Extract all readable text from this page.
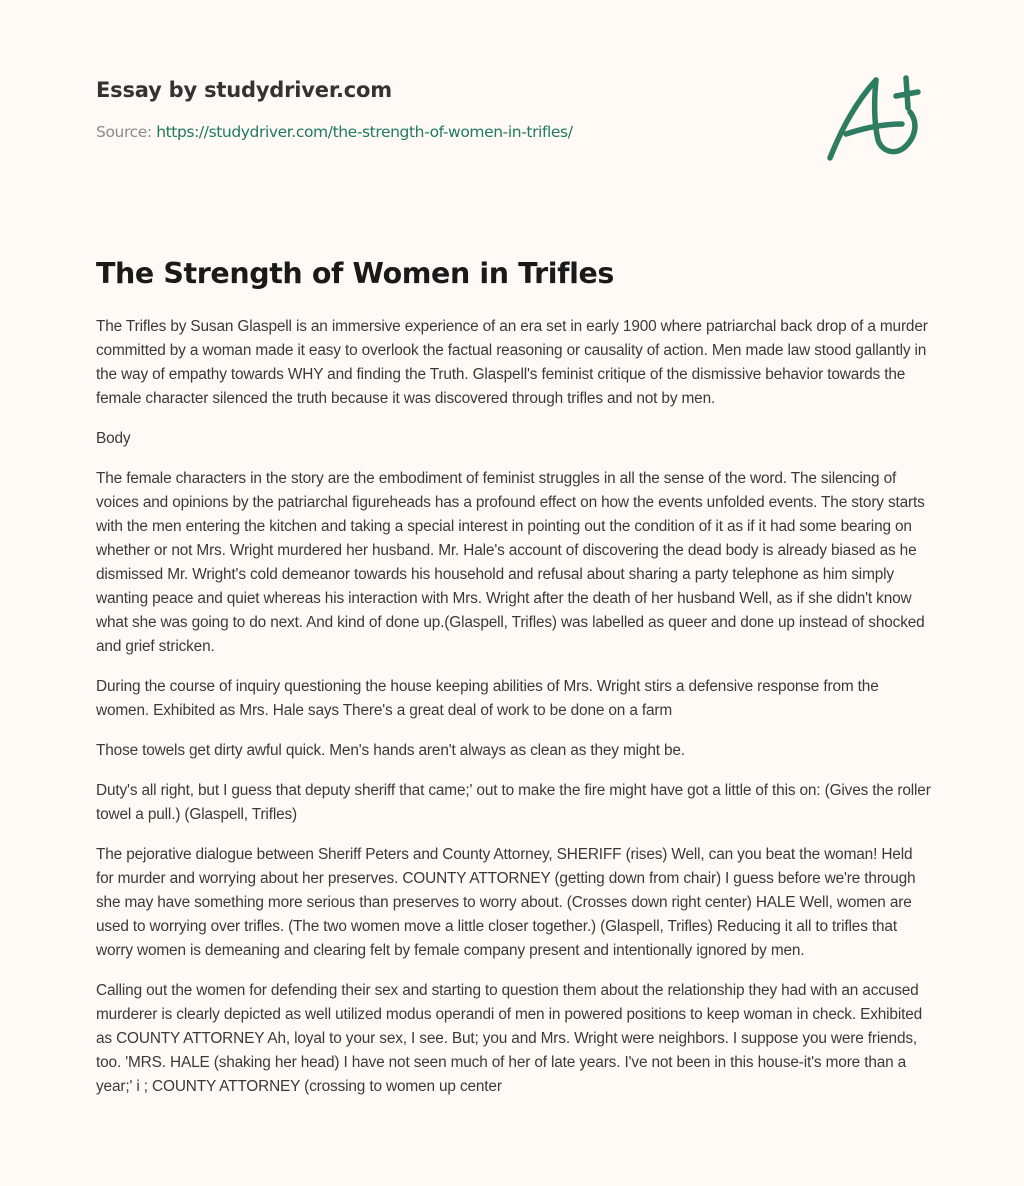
Essay by studydriver.com
Source: https://studydriver.com/the-strength-of-women-in-trifles/
The Strength of Women in Trifles

The Trifles by Susan Glaspell is an immersive experience of an era set in early 1900 where patriarchal back drop of a murder committed by a woman made it easy to overlook the factual reasoning or causality of action. Men made law stood gallantly in the way of empathy towards WHY and finding the Truth. Glaspell's feminist critique of the dismissive behavior towards the female character silenced the truth because it was discovered through trifles and not by men.

Body

The female characters in the story are the embodiment of feminist struggles in all the sense of the word. The silencing of voices and opinions by the patriarchal figureheads has a profound effect on how the events unfolded events. The story starts with the men entering the kitchen and taking a special interest in pointing out the condition of it as if it had some bearing on whether or not Mrs. Wright murdered her husband. Mr. Hale's account of discovering the dead body is already biased as he dismissed Mr. Wright's cold demeanor towards his household and refusal about sharing a party telephone as him simply wanting peace and quiet whereas his interaction with Mrs. Wright after the death of her husband Well, as if she didn't know what she was going to do next. And kind of done up.(Glaspell, Trifles) was labelled as queer and done up instead of shocked and grief stricken.

During the course of inquiry questioning the house keeping abilities of Mrs. Wright stirs a defensive response from the women. Exhibited as Mrs. Hale says There's a great deal of work to be done on a farm

Those towels get dirty awful quick. Men's hands aren't always as clean as they might be.

Duty's all right, but I guess that deputy sheriff that came;' out to make the fire might have got a little of this on: (Gives the roller towel a pull.) (Glaspell, Trifles)

The pejorative dialogue between Sheriff Peters and County Attorney, SHERIFF (rises) Well, can you beat the woman! Held for murder and worrying about her preserves. COUNTY ATTORNEY (getting down from chair) I guess before we're through she may have something more serious than preserves to worry about. (Crosses down right center) HALE Well, women are used to worrying over trifles. (The two women move a little closer together.) (Glaspell, Trifles) Reducing it all to trifles that worry women is demeaning and clearing felt by female company present and intentionally ignored by men.

Calling out the women for defending their sex and starting to question them about the relationship they had with an accused murderer is clearly depicted as well utilized modus operandi of men in powered positions to keep woman in check. Exhibited as COUNTY ATTORNEY Ah, loyal to your sex, I see. But; you and Mrs. Wright were neighbors. I suppose you were friends, too. 'MRS. HALE (shaking her head) I have not seen much of her of late years. I've not been in this house-it's more than a year;' i ; COUNTY ATTORNEY (crossing to women up center
